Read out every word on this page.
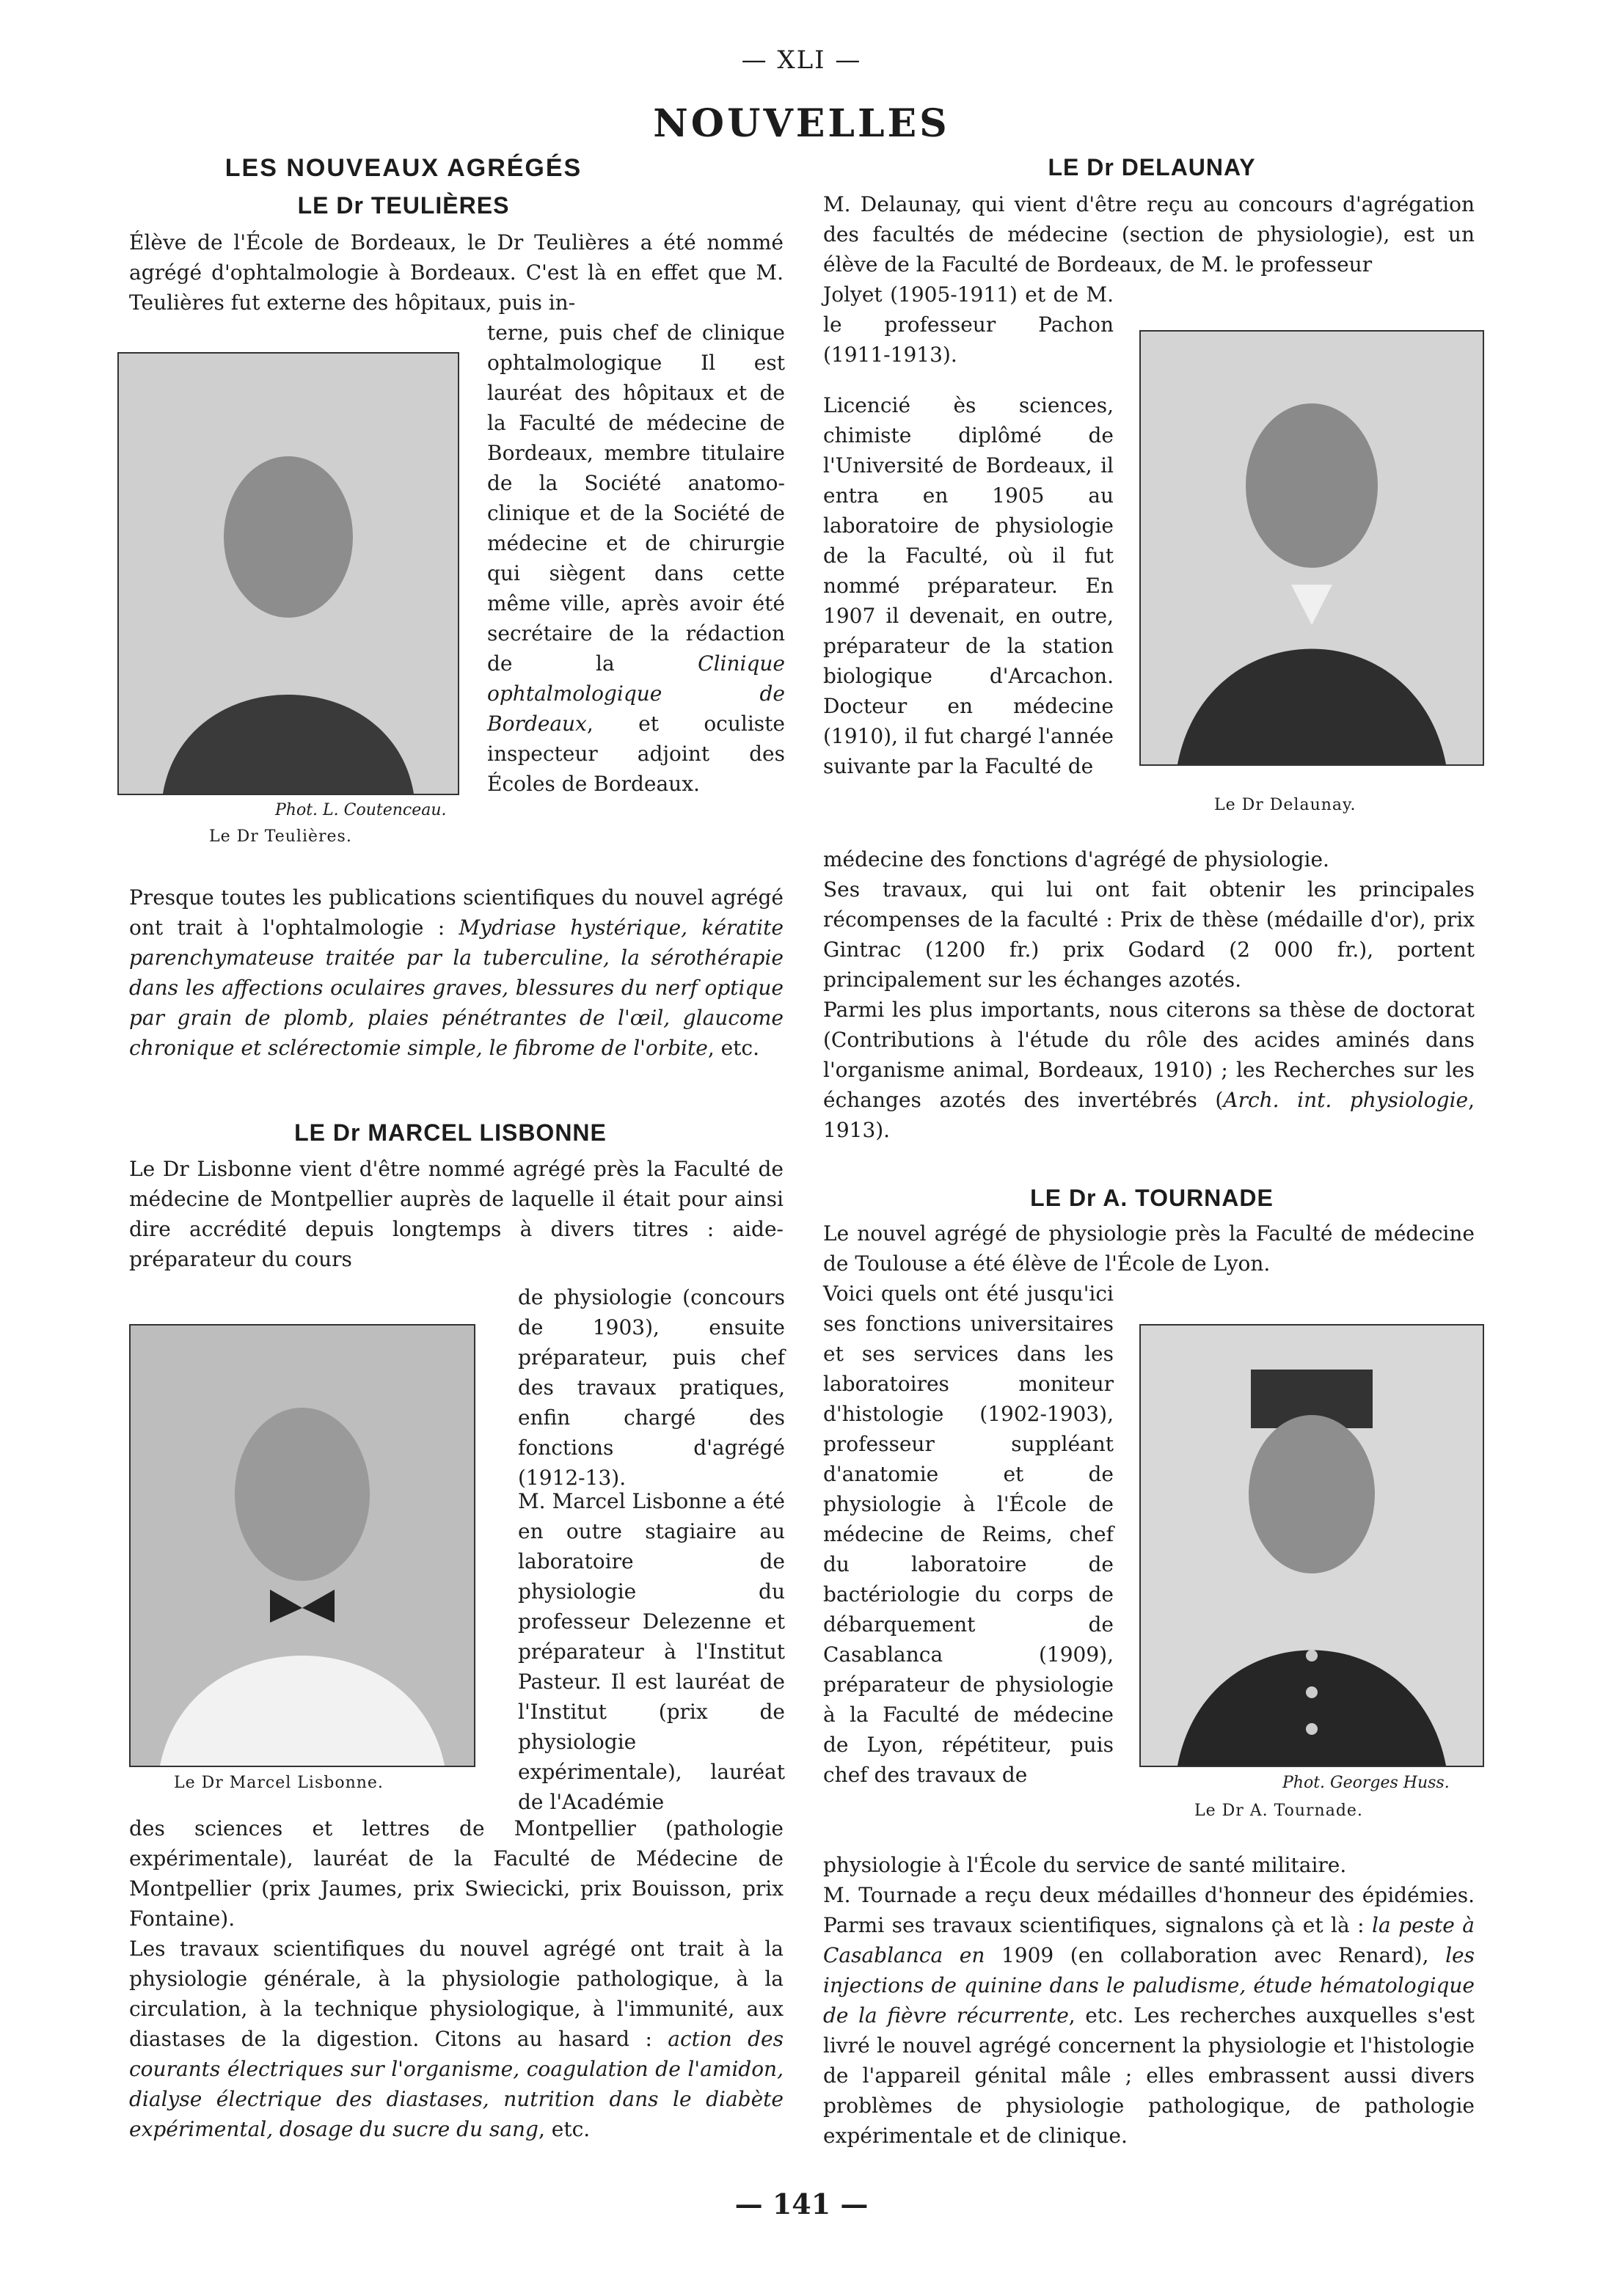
— XLI —
NOUVELLES
LES NOUVEAUX AGRÉGÉS
LE Dr TEULIÈRES
Élève de l'École de Bordeaux, le Dr Teulières a été nommé agrégé d'ophtalmologie à Bordeaux. C'est là en effet que M. Teulières fut externe des hôpitaux, puis in-
Phot. L. Coutenceau.
Le Dr Teulières.
terne, puis chef de clinique ophtalmologique Il est lauréat des hôpitaux et de la Faculté de médecine de Bordeaux, membre titulaire de la Société anatomo-clinique et de la Société de médecine et de chirurgie qui siègent dans cette même ville, après avoir été secrétaire de la rédaction de la Clinique ophtalmologique de Bordeaux, et oculiste inspecteur adjoint des Écoles de Bordeaux.
Presque toutes les publications scientifiques du nouvel agrégé ont trait à l'ophtalmologie : Mydriase hystérique, kératite parenchymateuse traitée par la tuberculine, la sérothérapie dans les affections oculaires graves, blessures du nerf optique par grain de plomb, plaies pénétrantes de l'œil, glaucome chronique et sclérectomie simple, le fibrome de l'orbite, etc.
LE Dr MARCEL LISBONNE
Le Dr Lisbonne vient d'être nommé agrégé près la Faculté de médecine de Montpellier auprès de laquelle il était pour ainsi dire accrédité depuis longtemps à divers titres : aide- préparateur du cours
Le Dr Marcel Lisbonne.
de physiologie (concours de 1903), ensuite préparateur, puis chef des travaux pratiques, enfin chargé des fonctions d'agrégé (1912-13).
M. Marcel Lisbonne a été en outre stagiaire au laboratoire de physiologie du professeur Delezenne et préparateur à l'Institut Pasteur. Il est lauréat de l'Institut (prix de physiologie expérimentale), lauréat de l'Académie
des sciences et lettres de Montpellier (pathologie expérimentale), lauréat de la Faculté de Médecine de Montpellier (prix Jaumes, prix Swiecicki, prix Bouisson, prix Fontaine).
Les travaux scientifiques du nouvel agrégé ont trait à la physiologie générale, à la physiologie pathologique, à la circulation, à la technique physiologique, à l'immunité, aux diastases de la digestion. Citons au hasard : action des courants électriques sur l'organisme, coagulation de l'amidon, dialyse électrique des diastases, nutrition dans le diabète expérimental, dosage du sucre du sang, etc.
LE Dr DELAUNAY
M. Delaunay, qui vient d'être reçu au concours d'agrégation des facultés de médecine (section de physiologie), est un élève de la Faculté de Bordeaux, de M. le professeur
Jolyet (1905-1911) et de M. le professeur Pachon (1911-1913).
Le Dr Delaunay.
Licencié ès sciences, chimiste diplômé de l'Université de Bordeaux, il entra en 1905 au laboratoire de physiologie de la Faculté, où il fut nommé préparateur. En 1907 il devenait, en outre, préparateur de la station biologique d'Arcachon. Docteur en médecine (1910), il fut chargé l'année suivante par la Faculté de
médecine des fonctions d'agrégé de physiologie.
Ses travaux, qui lui ont fait obtenir les principales récompenses de la faculté : Prix de thèse (médaille d'or), prix Gintrac (1200 fr.) prix Godard (2 000 fr.), portent principalement sur les échanges azotés.
Parmi les plus importants, nous citerons sa thèse de doctorat (Contributions à l'étude du rôle des acides aminés dans l'organisme animal, Bordeaux, 1910) ; les Recherches sur les échanges azotés des invertébrés (Arch. int. physiologie, 1913).
LE Dr A. TOURNADE
Le nouvel agrégé de physiologie près la Faculté de médecine de Toulouse a été élève de l'École de Lyon.
Voici quels ont été jusqu'ici ses fonctions universitaires et ses services dans les laboratoires moniteur d'histologie (1902-1903), professeur suppléant d'anatomie et de physiologie à l'École de médecine de Reims, chef du laboratoire de bactériologie du corps de débarquement de Casablanca (1909), préparateur de physiologie à la Faculté de médecine de Lyon, répétiteur, puis chef des travaux de	Phot. Georges Huss.
Le Dr A. Tournade.
physiologie à l'École du service de santé militaire.
M. Tournade a reçu deux médailles d'honneur des épidémies. Parmi ses travaux scientifiques, signalons çà et là : la peste à Casablanca en 1909 (en collaboration avec Renard), les injections de quinine dans le paludisme, étude hématologique de la fièvre récurrente, etc. Les recherches auxquelles s'est livré le nouvel agrégé concernent la physiologie et l'histologie de l'appareil génital mâle ; elles embrassent aussi divers problèmes de physiologie pathologique, de pathologie expérimentale et de clinique.
— 141 —
